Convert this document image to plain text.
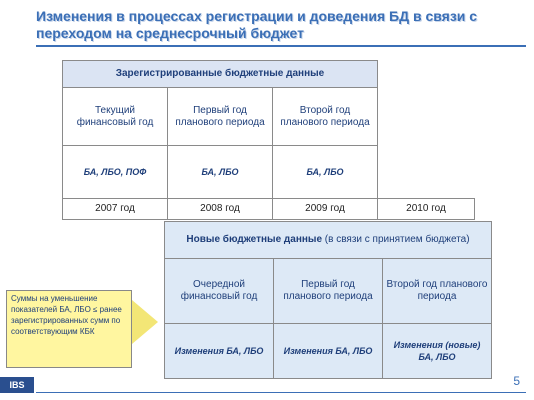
Изменения в процессах регистрации и доведения БД в связи с переходом на среднесрочный бюджет
Зарегистрированные бюджетные данные			
Текущий финансовый год	Первый год планового периода	Второй год планового периода	
БА, ЛБО, ПОФ	БА, ЛБО	БА, ЛБО	
2007 год	2008 год	2009 год	2010 год
Новые бюджетные данные (в связи с принятием бюджета)		
Очередной финансовый год	Первый год планового периода	Второй год планового периода
Изменения БА, ЛБО	Изменения БА, ЛБО	Изменения (новые) БА, ЛБО
Суммы на уменьшение показателей БА, ЛБО ≤ ранее зарегистрированных сумм по соответствующим КБК
IBS	5
